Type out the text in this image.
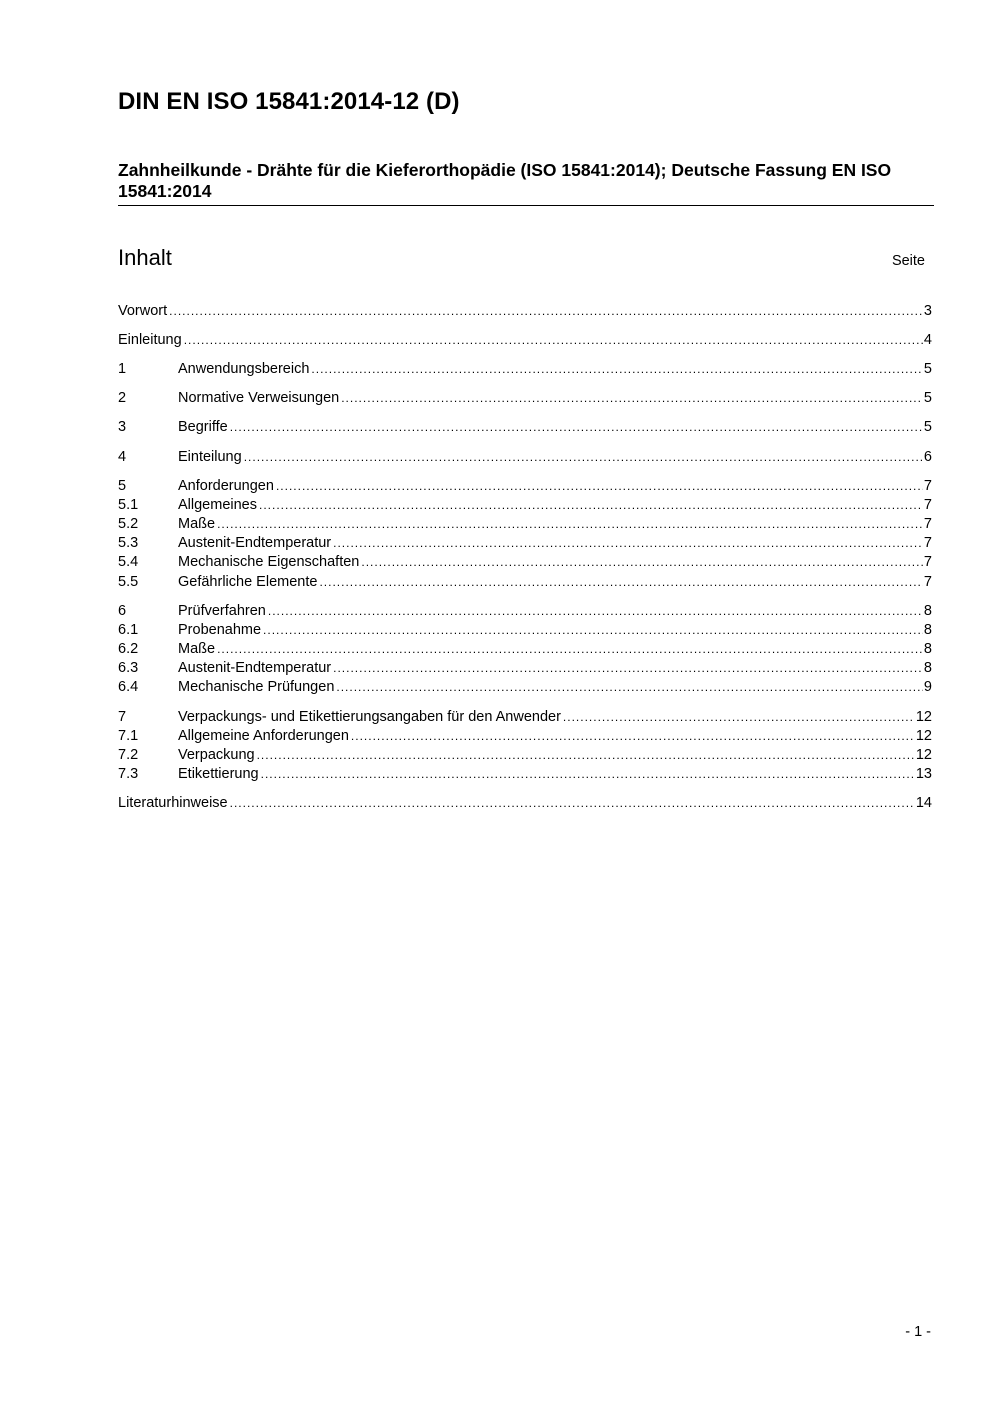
DIN EN ISO 15841:2014-12 (D)
Zahnheilkunde - Drähte für die Kieferorthopädie (ISO 15841:2014); Deutsche Fassung EN ISO 15841:2014
Inhalt	Seite
Vorwort .....	3
Einleitung .....	4
1	Anwendungsbereich .....	5
2	Normative Verweisungen .....	5
3	Begriffe .....	5
4	Einteilung .....	6
5	Anforderungen .....	7
5.1	Allgemeines .....	7
5.2	Maße .....	7
5.3	Austenit-Endtemperatur .....	7
5.4	Mechanische Eigenschaften .....	7
5.5	Gefährliche Elemente .....	7
6	Prüfverfahren .....	8
6.1	Probenahme .....	8
6.2	Maße .....	8
6.3	Austenit-Endtemperatur .....	8
6.4	Mechanische Prüfungen .....	9
7	Verpackungs- und Etikettierungsangaben für den Anwender .....	12
7.1	Allgemeine Anforderungen .....	12
7.2	Verpackung .....	12
7.3	Etikettierung .....	13
Literaturhinweise .....	14
- 1 -
